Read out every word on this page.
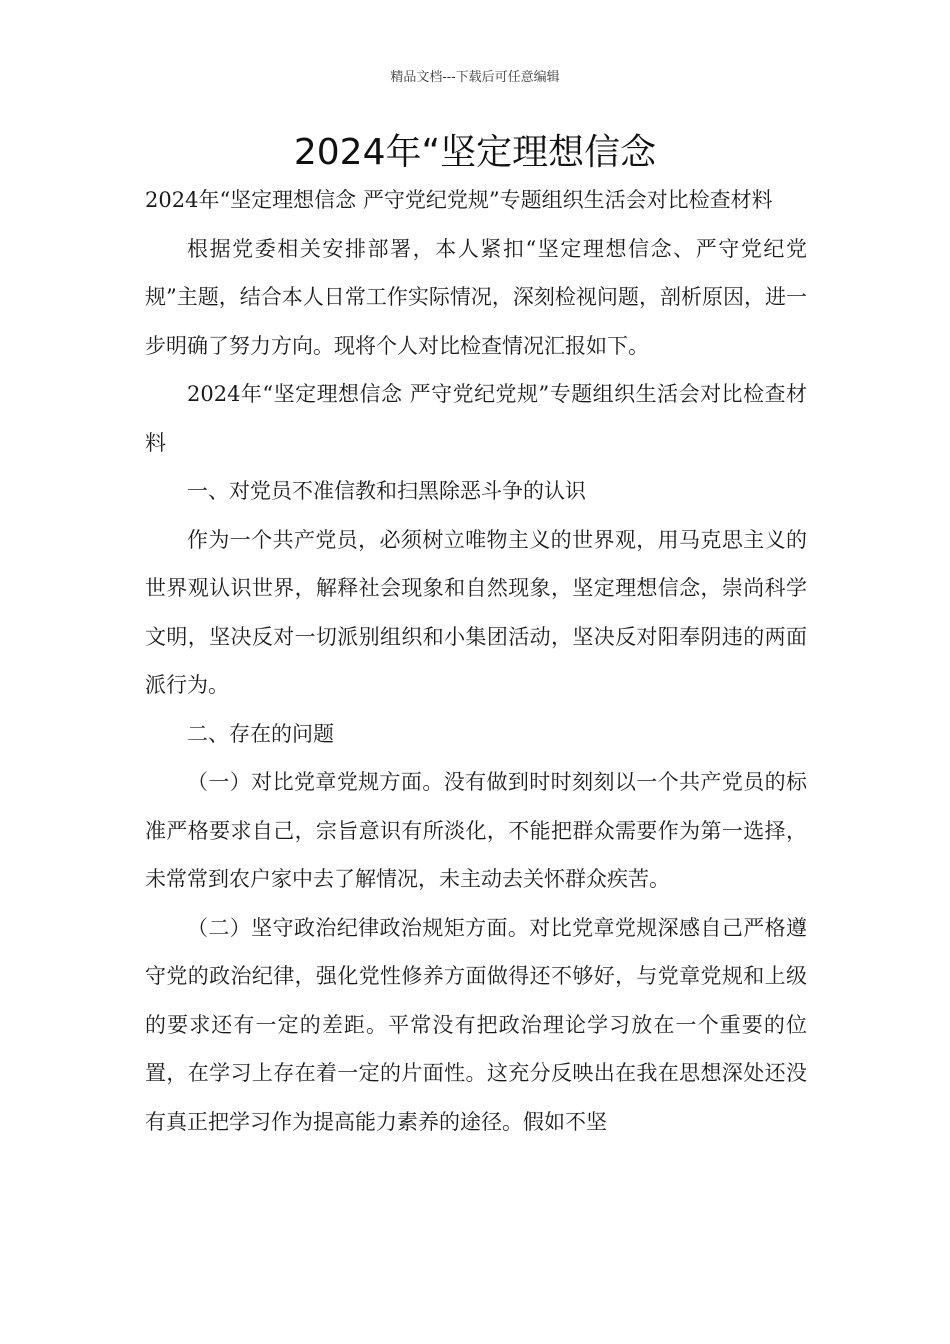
精品文档---下载后可任意编辑
2024年“坚定理想信念

2024年“坚定理想信念 严守党纪党规”专题组织生活会对比检查材料

根据党委相关安排部署，本人紧扣“坚定理想信念、严守党纪党规”主题，结合本人日常工作实际情况，深刻检视问题，剖析原因，进一步明确了努力方向。现将个人对比检查情况汇报如下。

2024年“坚定理想信念 严守党纪党规”专题组织生活会对比检查材料

一、对党员不准信教和扫黑除恶斗争的认识

作为一个共产党员，必须树立唯物主义的世界观，用马克思主义的世界观认识世界，解释社会现象和自然现象，坚定理想信念，崇尚科学文明，坚决反对一切派别组织和小集团活动，坚决反对阳奉阴违的两面派行为。

二、存在的问题

（一）对比党章党规方面。没有做到时时刻刻以一个共产党员的标准严格要求自己，宗旨意识有所淡化，不能把群众需要作为第一选择，未常常到农户家中去了解情况，未主动去关怀群众疾苦。

（二）坚守政治纪律政治规矩方面。对比党章党规深感自己严格遵守党的政治纪律，强化党性修养方面做得还不够好，与党章党规和上级的要求还有一定的差距。平常没有把政治理论学习放在一个重要的位置，在学习上存在着一定的片面性。这充分反映出在我在思想深处还没有真正把学习作为提高能力素养的途径。假如不坚
